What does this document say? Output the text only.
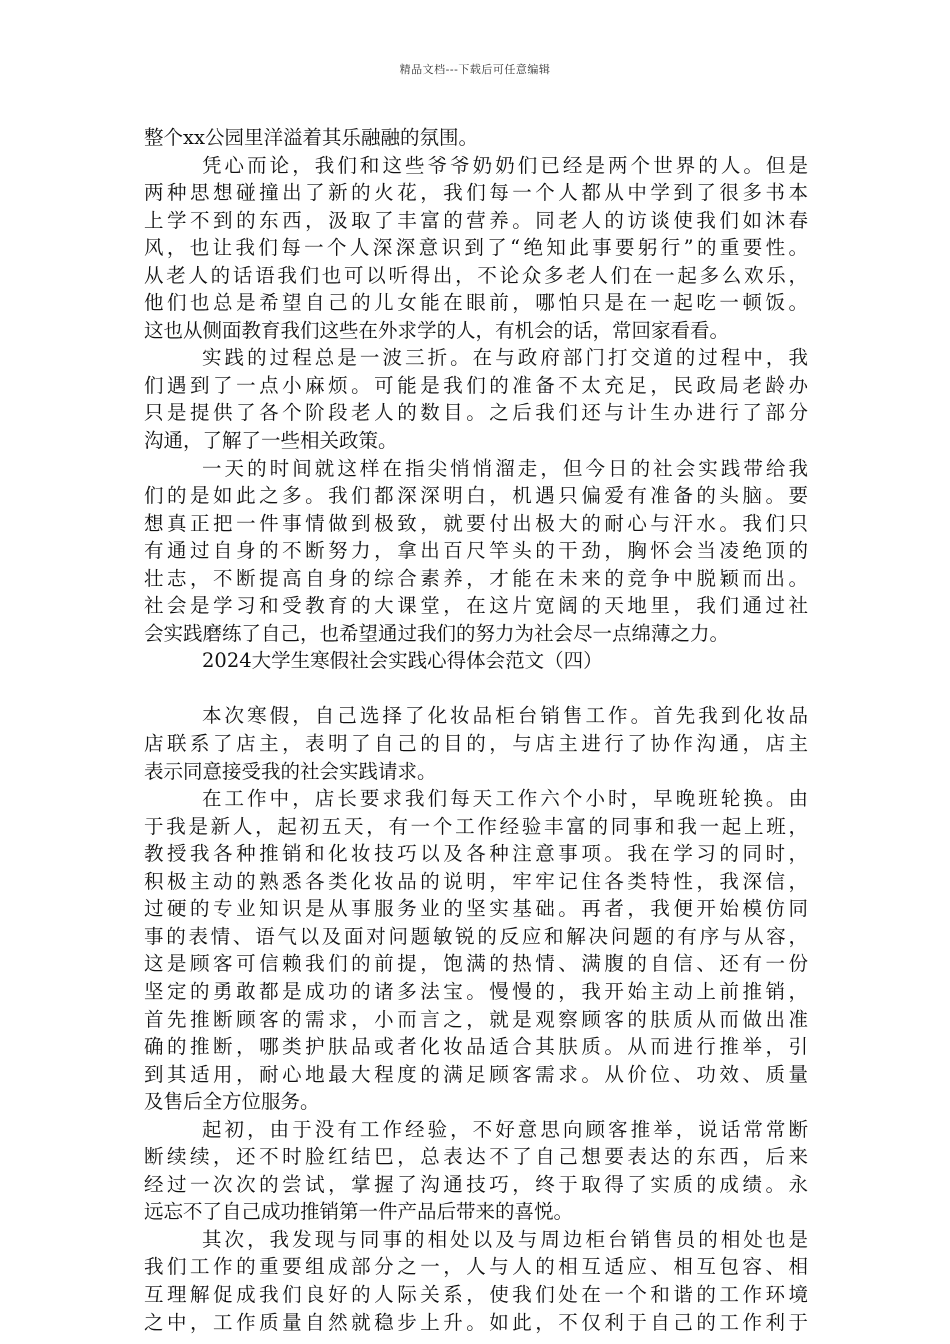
精品文档---下载后可任意编辑
整个xx公园里洋溢着其乐融融的氛围。
凭心而论，我们和这些爷爷奶奶们已经是两个世界的人。但是
两种思想碰撞出了新的火花，我们每一个人都从中学到了很多书本
上学不到的东西，汲取了丰富的营养。同老人的访谈使我们如沐春
风，也让我们每一个人深深意识到了“绝知此事要躬行”的重要性。
从老人的话语我们也可以听得出，不论众多老人们在一起多么欢乐，
他们也总是希望自己的儿女能在眼前，哪怕只是在一起吃一顿饭。
这也从侧面教育我们这些在外求学的人，有机会的话，常回家看看。
实践的过程总是一波三折。在与政府部门打交道的过程中，我
们遇到了一点小麻烦。可能是我们的准备不太充足，民政局老龄办
只是提供了各个阶段老人的数目。之后我们还与计生办进行了部分
沟通，了解了一些相关政策。
一天的时间就这样在指尖悄悄溜走，但今日的社会实践带给我
们的是如此之多。我们都深深明白，机遇只偏爱有准备的头脑。要
想真正把一件事情做到极致，就要付出极大的耐心与汗水。我们只
有通过自身的不断努力，拿出百尺竿头的干劲，胸怀会当凌绝顶的
壮志，不断提高自身的综合素养，才能在未来的竞争中脱颖而出。
社会是学习和受教育的大课堂，在这片宽阔的天地里，我们通过社
会实践磨练了自己，也希望通过我们的努力为社会尽一点绵薄之力。
2024大学生寒假社会实践心得体会范文（四）
本次寒假，自己选择了化妆品柜台销售工作。首先我到化妆品
店联系了店主，表明了自己的目的，与店主进行了协作沟通，店主
表示同意接受我的社会实践请求。
在工作中，店长要求我们每天工作六个小时，早晚班轮换。由
于我是新人，起初五天，有一个工作经验丰富的同事和我一起上班，
教授我各种推销和化妆技巧以及各种注意事项。我在学习的同时，
积极主动的熟悉各类化妆品的说明，牢牢记住各类特性，我深信，
过硬的专业知识是从事服务业的坚实基础。再者，我便开始模仿同
事的表情、语气以及面对问题敏锐的反应和解决问题的有序与从容，
这是顾客可信赖我们的前提，饱满的热情、满腹的自信、还有一份
坚定的勇敢都是成功的诸多法宝。慢慢的，我开始主动上前推销，
首先推断顾客的需求，小而言之，就是观察顾客的肤质从而做出准
确的推断，哪类护肤品或者化妆品适合其肤质。从而进行推举，引
到其适用，耐心地最大程度的满足顾客需求。从价位、功效、质量
及售后全方位服务。
起初，由于没有工作经验，不好意思向顾客推举，说话常常断
断续续，还不时脸红结巴，总表达不了自己想要表达的东西，后来
经过一次次的尝试，掌握了沟通技巧，终于取得了实质的成绩。永
远忘不了自己成功推销第一件产品后带来的喜悦。
其次，我发现与同事的相处以及与周边柜台销售员的相处也是
我们工作的重要组成部分之一，人与人的相互适应、相互包容、相
互理解促成我们良好的人际关系，使我们处在一个和谐的工作环境
之中，工作质量自然就稳步上升。如此，不仅利于自己的工作利于
